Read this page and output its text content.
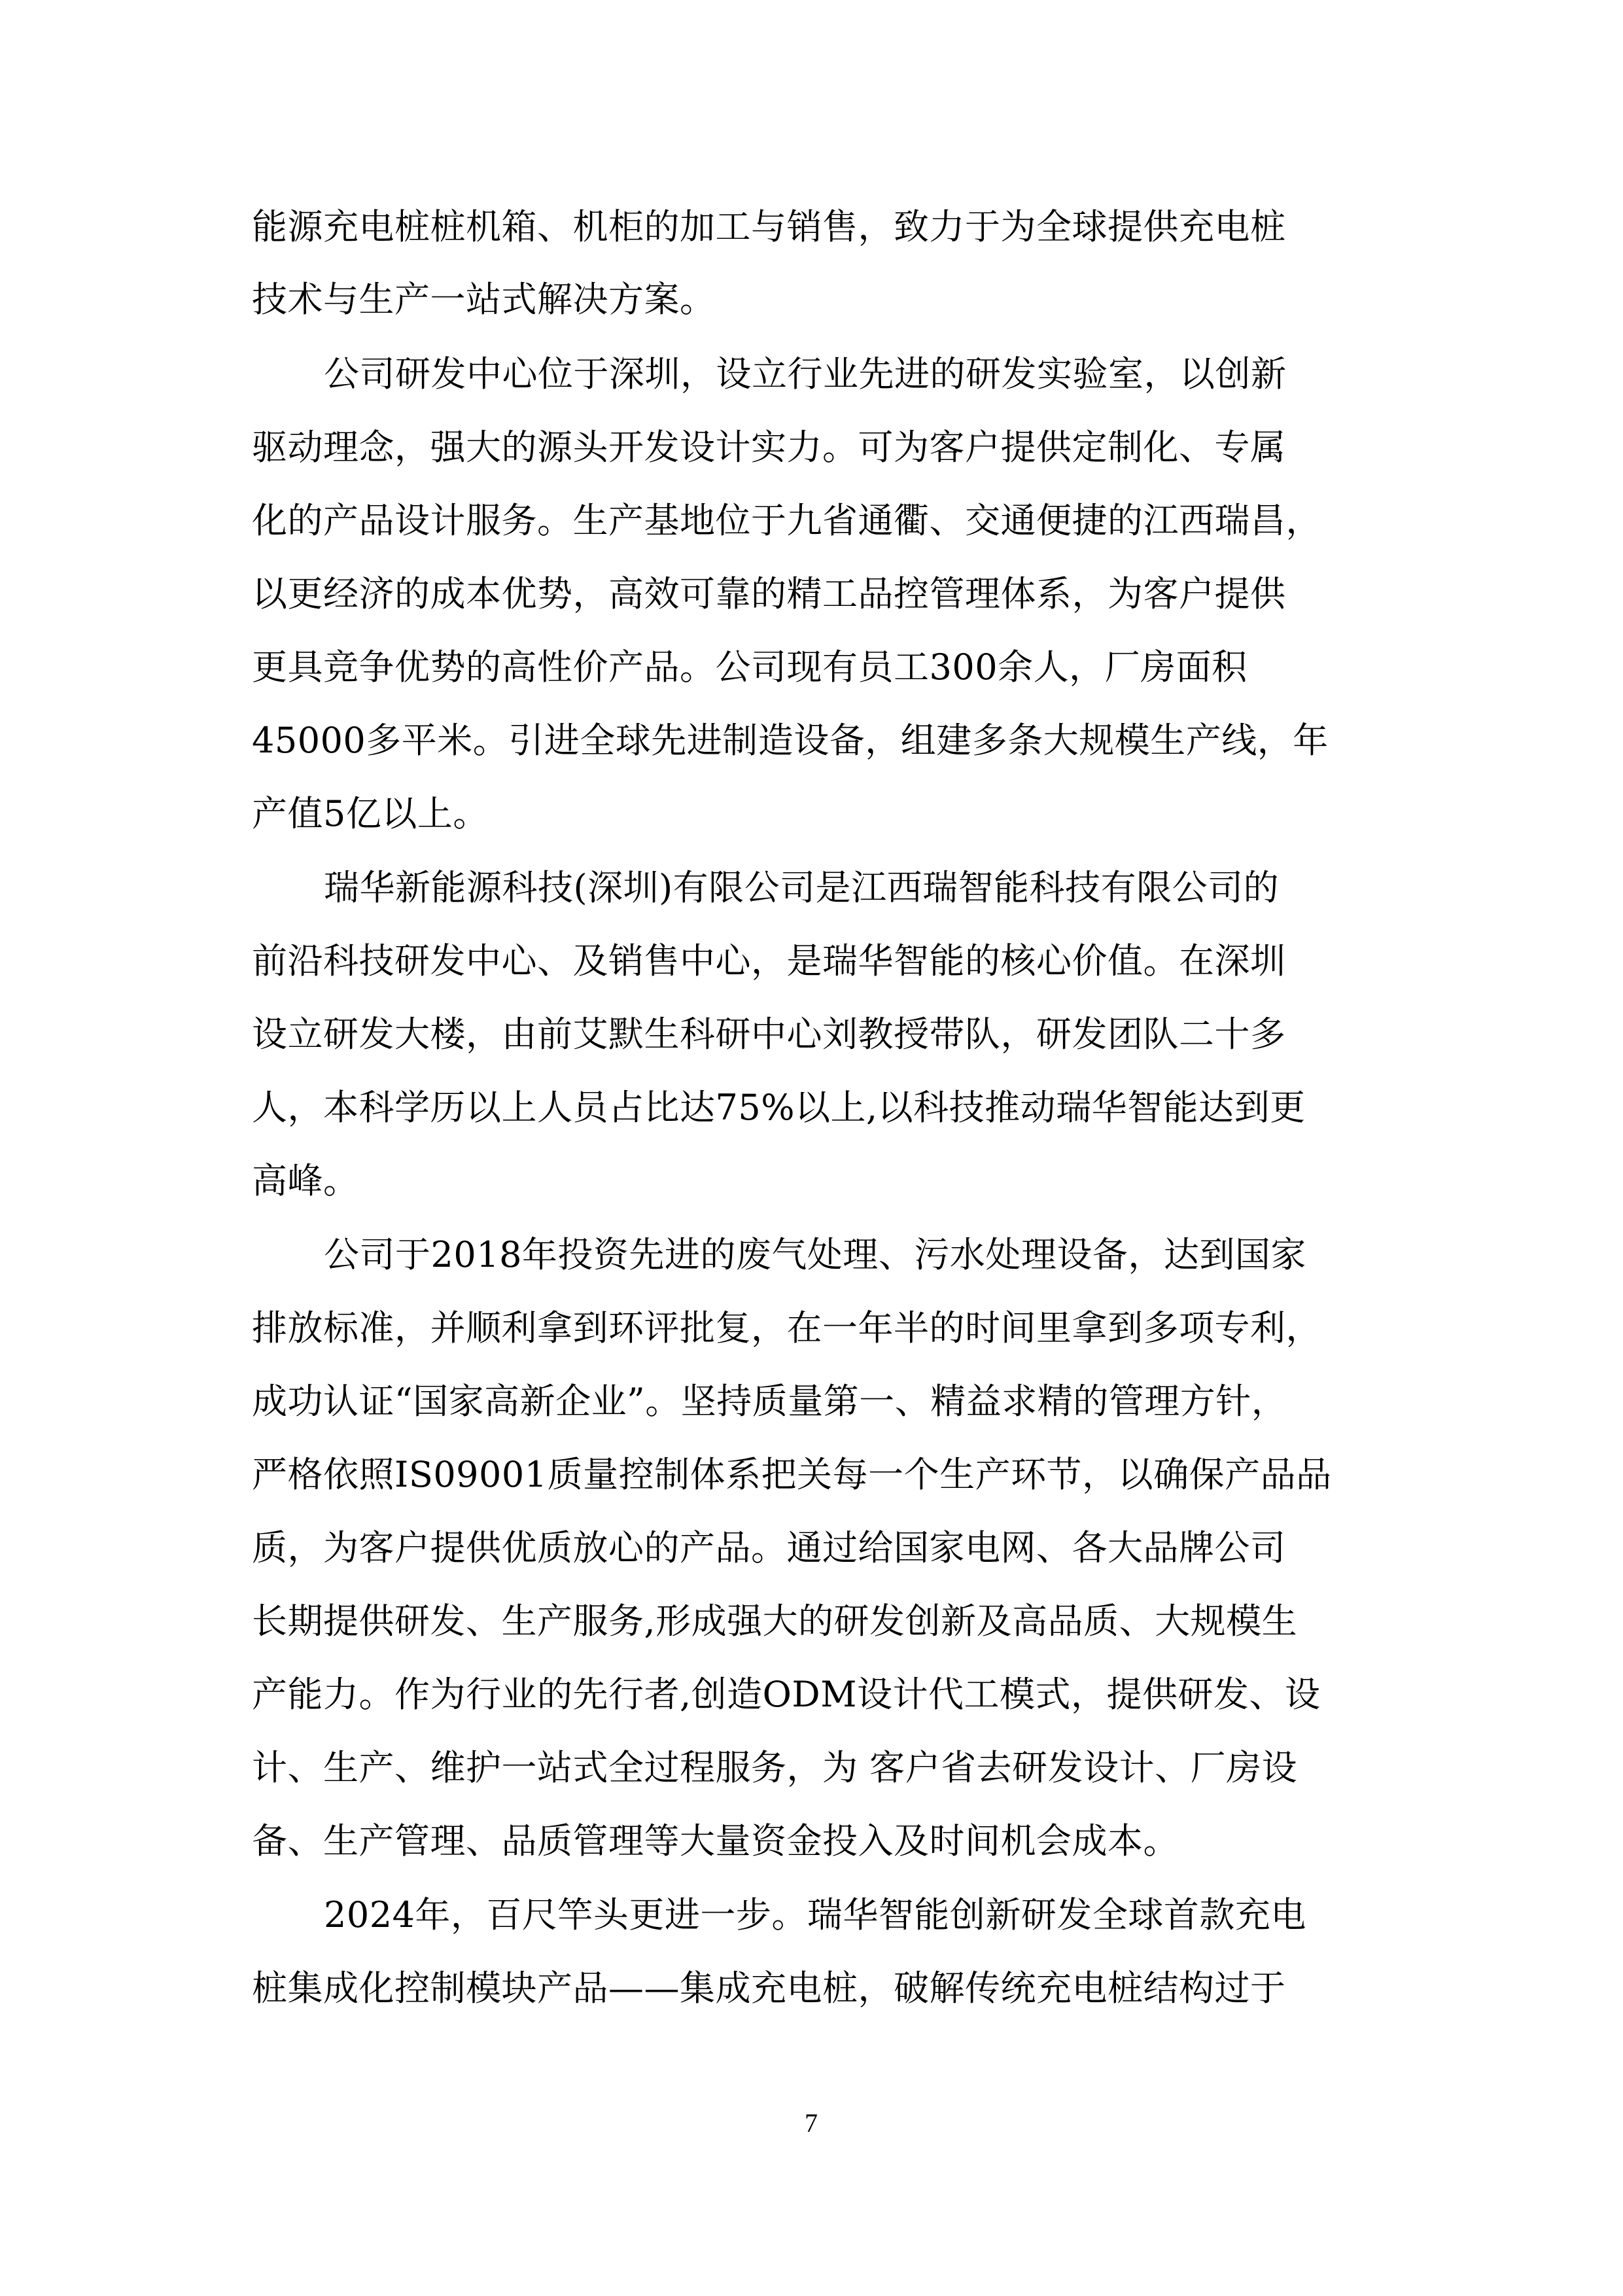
能源充电桩桩机箱、机柜的加工与销售，致力于为全球提供充电桩
技术与生产一站式解决方案。
公司研发中心位于深圳，设立行业先进的研发实验室，以创新
驱动理念，强大的源头开发设计实力。可为客户提供定制化、专属
化的产品设计服务。生产基地位于九省通衢、交通便捷的江西瑞昌，
以更经济的成本优势，高效可靠的精工品控管理体系，为客户提供
更具竞争优势的高性价产品。公司现有员工300余人，厂房面积
45000多平米。引进全球先进制造设备，组建多条大规模生产线，年
产值5亿以上。
瑞华新能源科技(深圳)有限公司是江西瑞智能科技有限公司的
前沿科技研发中心、及销售中心，是瑞华智能的核心价值。在深圳
设立研发大楼，由前艾默生科研中心刘教授带队，研发团队二十多
人，本科学历以上人员占比达75%以上,以科技推动瑞华智能达到更
高峰。
公司于2018年投资先进的废气处理、污水处理设备，达到国家
排放标准，并顺利拿到环评批复，在一年半的时间里拿到多项专利，
成功认证“国家高新企业”。坚持质量第一、精益求精的管理方针，
严格依照IS09001质量控制体系把关每一个生产环节，以确保产品品
质，为客户提供优质放心的产品。通过给国家电网、各大品牌公司
长期提供研发、生产服务,形成强大的研发创新及高品质、大规模生
产能力。作为行业的先行者,创造ODM设计代工模式，提供研发、设
计、生产、维护一站式全过程服务，为 客户省去研发设计、厂房设
备、生产管理、品质管理等大量资金投入及时间机会成本。
2024年，百尺竿头更进一步。瑞华智能创新研发全球首款充电
桩集成化控制模块产品——集成充电桩，破解传统充电桩结构过于
7
